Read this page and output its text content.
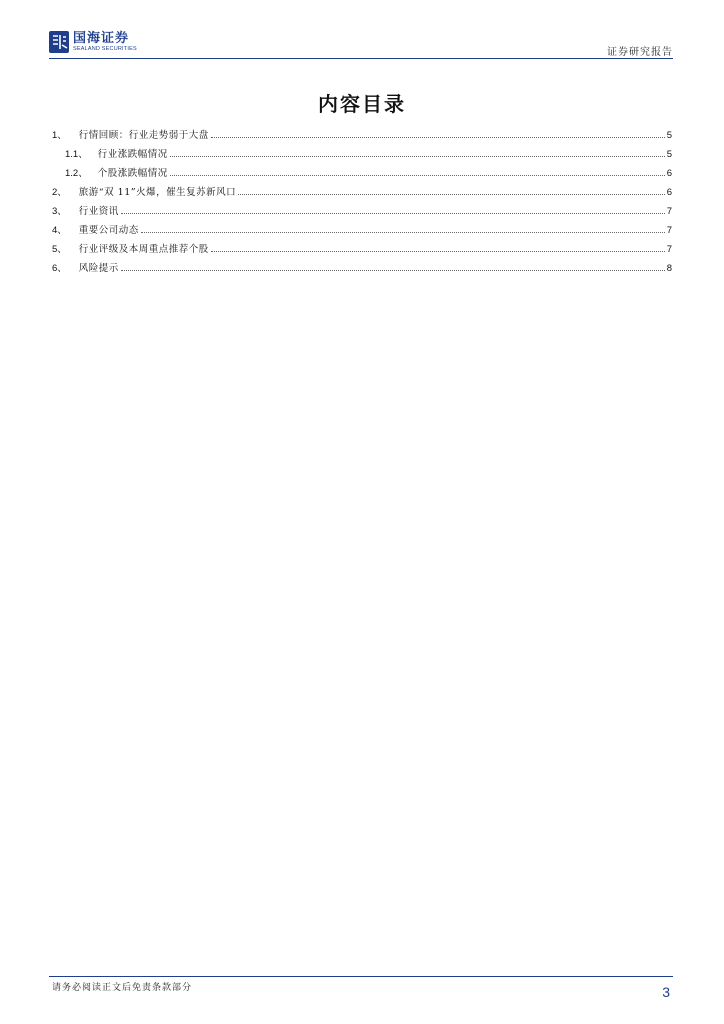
国海证券
SEALAND SECURITIES	证券研究报告
内容目录
1、 行情回顾：行业走势弱于大盘	5
1.1、 行业涨跌幅情况	5
1.2、 个股涨跌幅情况	6
2、 旅游“双 11”火爆，催生复苏新风口	6
3、 行业资讯	7
4、 重要公司动态	7
5、 行业评级及本周重点推荐个股	7
6、 风险提示	8
请务必阅读正文后免责条款部分	3
